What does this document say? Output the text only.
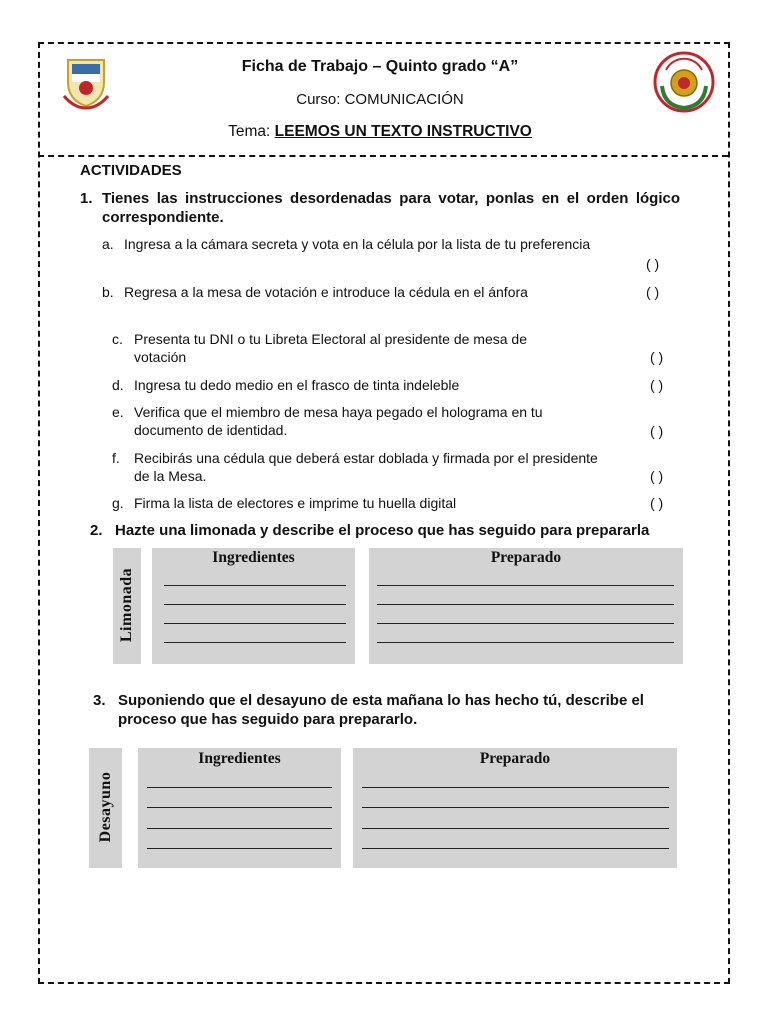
Ficha de Trabajo – Quinto grado “A”
Curso: COMUNICACIÓN
Tema: LEEMOS UN TEXTO INSTRUCTIVO
ACTIVIDADES
1. Tienes las instrucciones desordenadas para votar, ponlas en el orden lógico correspondiente.
a. Ingresa a la cámara secreta y vota en la célula por la lista de tu preferencia
( )
b. Regresa a la mesa de votación e introduce la cédula en el ánfora	( )
c. Presenta tu DNI o tu Libreta Electoral al presidente de mesa de votación	( )
d. Ingresa tu dedo medio en el frasco de tinta indeleble	( )
e. Verifica que el miembro de mesa haya pegado el holograma en tu documento de identidad.	( )
f. Recibirás una cédula que deberá estar doblada y firmada por el presidente de la Mesa.	( )
g. Firma la lista de electores e imprime tu huella digital	( )
2. Hazte una limonada y describe el proceso que has seguido para prepararla
Limonada
Ingredientes	Preparado
3. Suponiendo que el desayuno de esta mañana lo has hecho tú, describe el proceso que has seguido para prepararlo.
Desayuno
Ingredientes	Preparado
